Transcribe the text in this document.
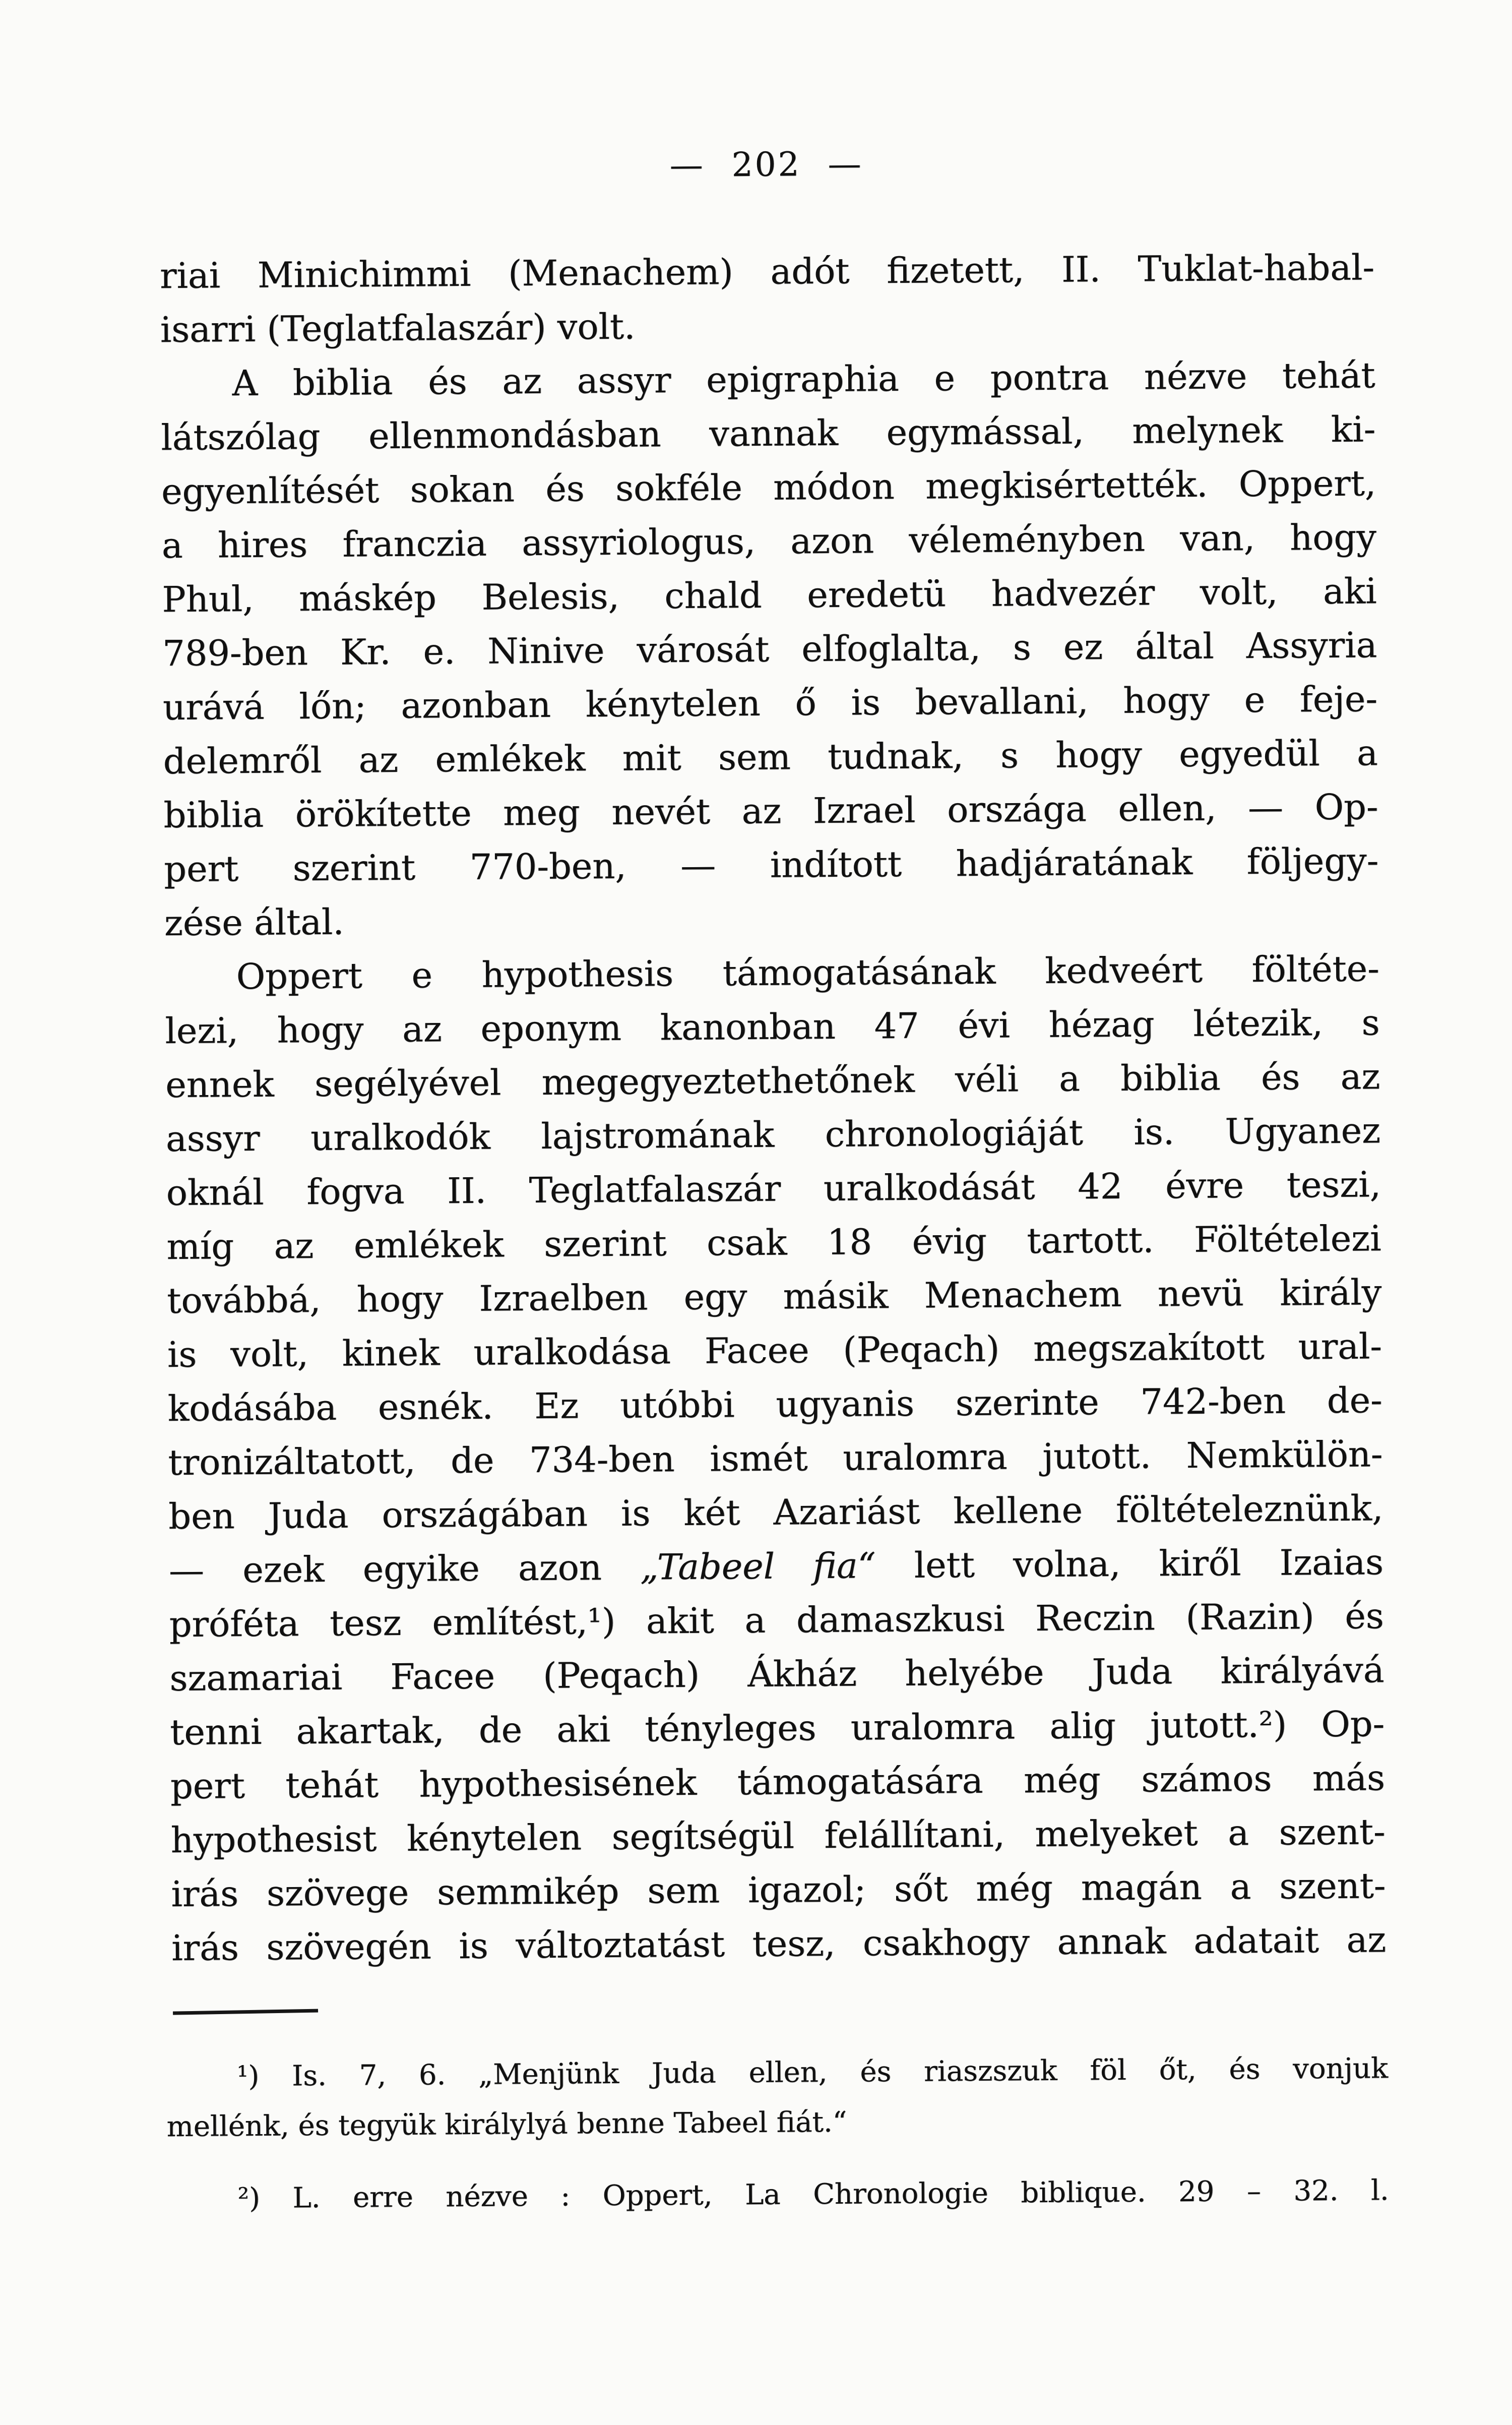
— 202 —
riai Minichimmi (Menachem) adót fizetett, II. Tuklat-habal-
isarri (Teglatfalaszár) volt.
A biblia és az assyr epigraphia e pontra nézve tehát
látszólag ellenmondásban vannak egymással, melynek ki-
egyenlítését sokan és sokféle módon megkisértették. Oppert,
a hires franczia assyriologus, azon véleményben van, hogy
Phul, máskép Belesis, chald eredetü hadvezér volt, aki
789-ben Kr. e. Ninive városát elfoglalta, s ez által Assyria
urává lőn; azonban kénytelen ő is bevallani, hogy e feje-
delemről az emlékek mit sem tudnak, s hogy egyedül a
biblia örökítette meg nevét az Izrael országa ellen, — Op-
pert szerint 770-ben, — indított hadjáratának följegy-
zése által.
Oppert e hypothesis támogatásának kedveért föltéte-
lezi, hogy az eponym kanonban 47 évi hézag létezik, s
ennek segélyével megegyeztethetőnek véli a biblia és az
assyr uralkodók lajstromának chronologiáját is. Ugyanez
oknál fogva II. Teglatfalaszár uralkodását 42 évre teszi,
míg az emlékek szerint csak 18 évig tartott. Föltételezi
továbbá, hogy Izraelben egy másik Menachem nevü király
is volt, kinek uralkodása Facee (Peqach) megszakított ural-
kodásába esnék. Ez utóbbi ugyanis szerinte 742-ben de-
tronizáltatott, de 734-ben ismét uralomra jutott. Nemkülön-
ben Juda országában is két Azariást kellene föltételeznünk,
— ezek egyike azon „Tabeel fia“ lett volna, kiről Izaias
próféta tesz említést,¹) akit a damaszkusi Reczin (Razin) és
szamariai Facee (Peqach) Ákház helyébe Juda királyává
tenni akartak, de aki tényleges uralomra alig jutott.²) Op-
pert tehát hypothesisének támogatására még számos más
hypothesist kénytelen segítségül felállítani, melyeket a szent-
irás szövege semmikép sem igazol; sőt még magán a szent-
irás szövegén is változtatást tesz, csakhogy annak adatait az
¹) Is. 7, 6. „Menjünk Juda ellen, és riaszszuk föl őt, és vonjuk
mellénk, és tegyük királylyá benne Tabeel fiát.“
²) L. erre nézve : Oppert, La Chronologie biblique. 29 – 32. l.
